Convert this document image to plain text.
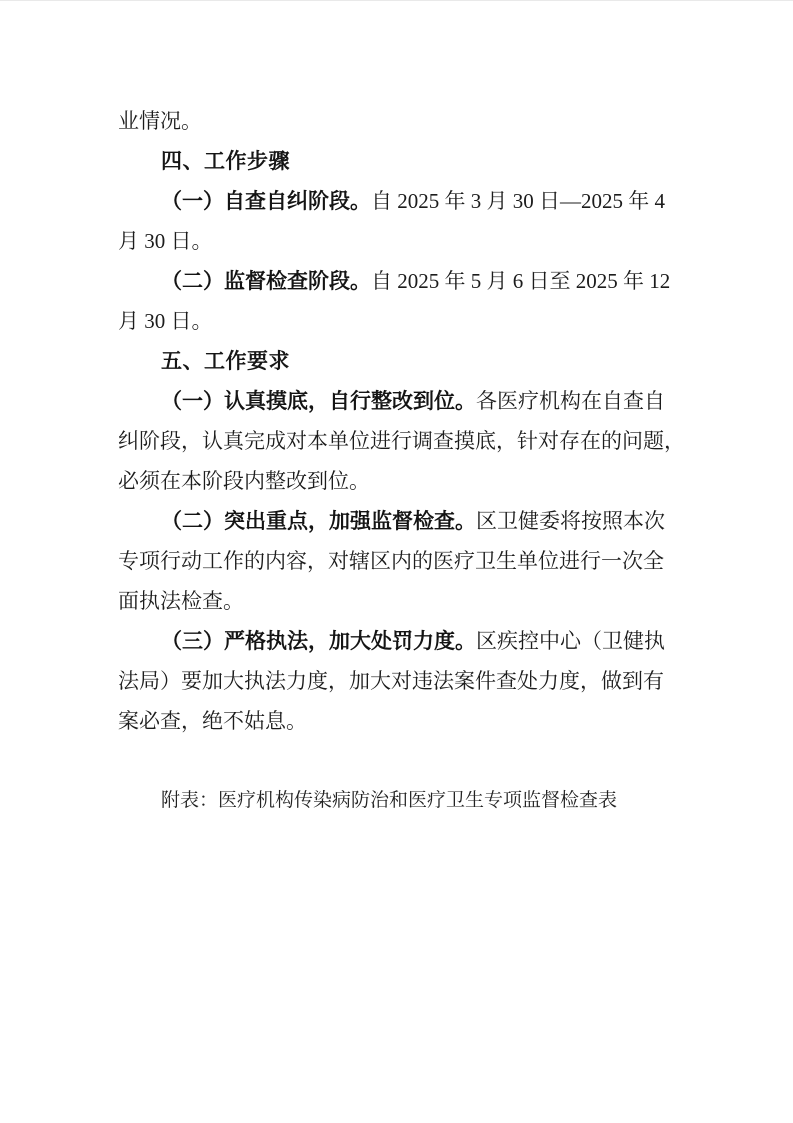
业情况。
四、工作步骤
（一）自查自纠阶段。自 2025 年 3 月 30 日—2025 年 4
月 30 日。
（二）监督检查阶段。自 2025 年 5 月 6 日至 2025 年 12
月 30 日。
五、工作要求
（一）认真摸底，自行整改到位。各医疗机构在自查自
纠阶段，认真完成对本单位进行调查摸底，针对存在的问题，
必须在本阶段内整改到位。
（二）突出重点，加强监督检查。区卫健委将按照本次
专项行动工作的内容，对辖区内的医疗卫生单位进行一次全
面执法检查。
（三）严格执法，加大处罚力度。区疾控中心（卫健执
法局）要加大执法力度，加大对违法案件查处力度，做到有
案必查，绝不姑息。
附表：医疗机构传染病防治和医疗卫生专项监督检查表
